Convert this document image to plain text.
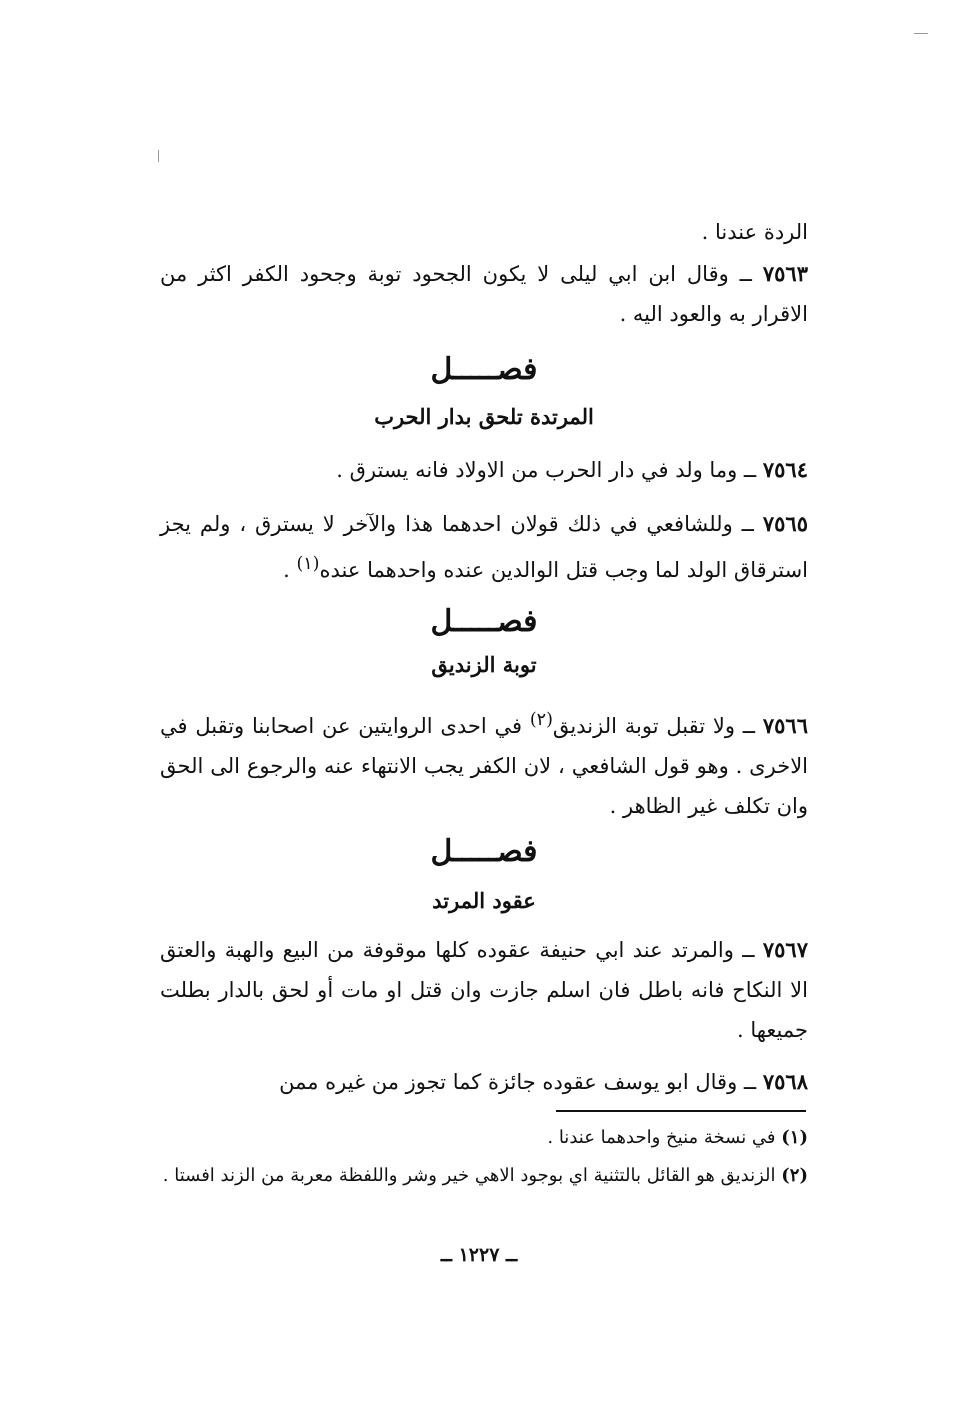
الردة عندنا .
٧٥٦٣ ــ وقال ابن ابي ليلى لا يكون الجحود توبة وجحود الكفر اكثر من الاقرار به والعود اليه .
فصـــــل
المرتدة تلحق بدار الحرب
٧٥٦٤ ــ وما ولد في دار الحرب من الاولاد فانه يسترق .
٧٥٦٥ ــ وللشافعي في ذلك قولان احدهما هذا والآخر لا يسترق ، ولم يجز استرقاق الولد لما وجب قتل الوالدين عنده واحدهما عنده$^{(١)}$ .
فصـــــل
توبة الزنديق
٧٥٦٦ ــ ولا تقبل توبة الزنديق$^{(٢)}$ في احدى الروايتين عن اصحابنا وتقبل في الاخرى . وهو قول الشافعي ، لان الكفر يجب الانتهاء عنه والرجوع الى الحق وان تكلف غير الظاهر .
فصـــــل
عقود المرتد
٧٥٦٧ ــ والمرتد عند ابي حنيفة عقوده كلها موقوفة من البيع والهبة والعتق الا النكاح فانه باطل فان اسلم جازت وان قتل او مات أو لحق بالدار بطلت جميعها .
٧٥٦٨ ــ وقال ابو يوسف عقوده جائزة كما تجوز من غيره ممن
(١) في نسخة منيخ واحدهما عندنا .
(٢) الزنديق هو القائل بالتثنية اي بوجود الاهي خير وشر واللفظة معربة من الزند افستا .
ــ ١٢٢٧ ــ
